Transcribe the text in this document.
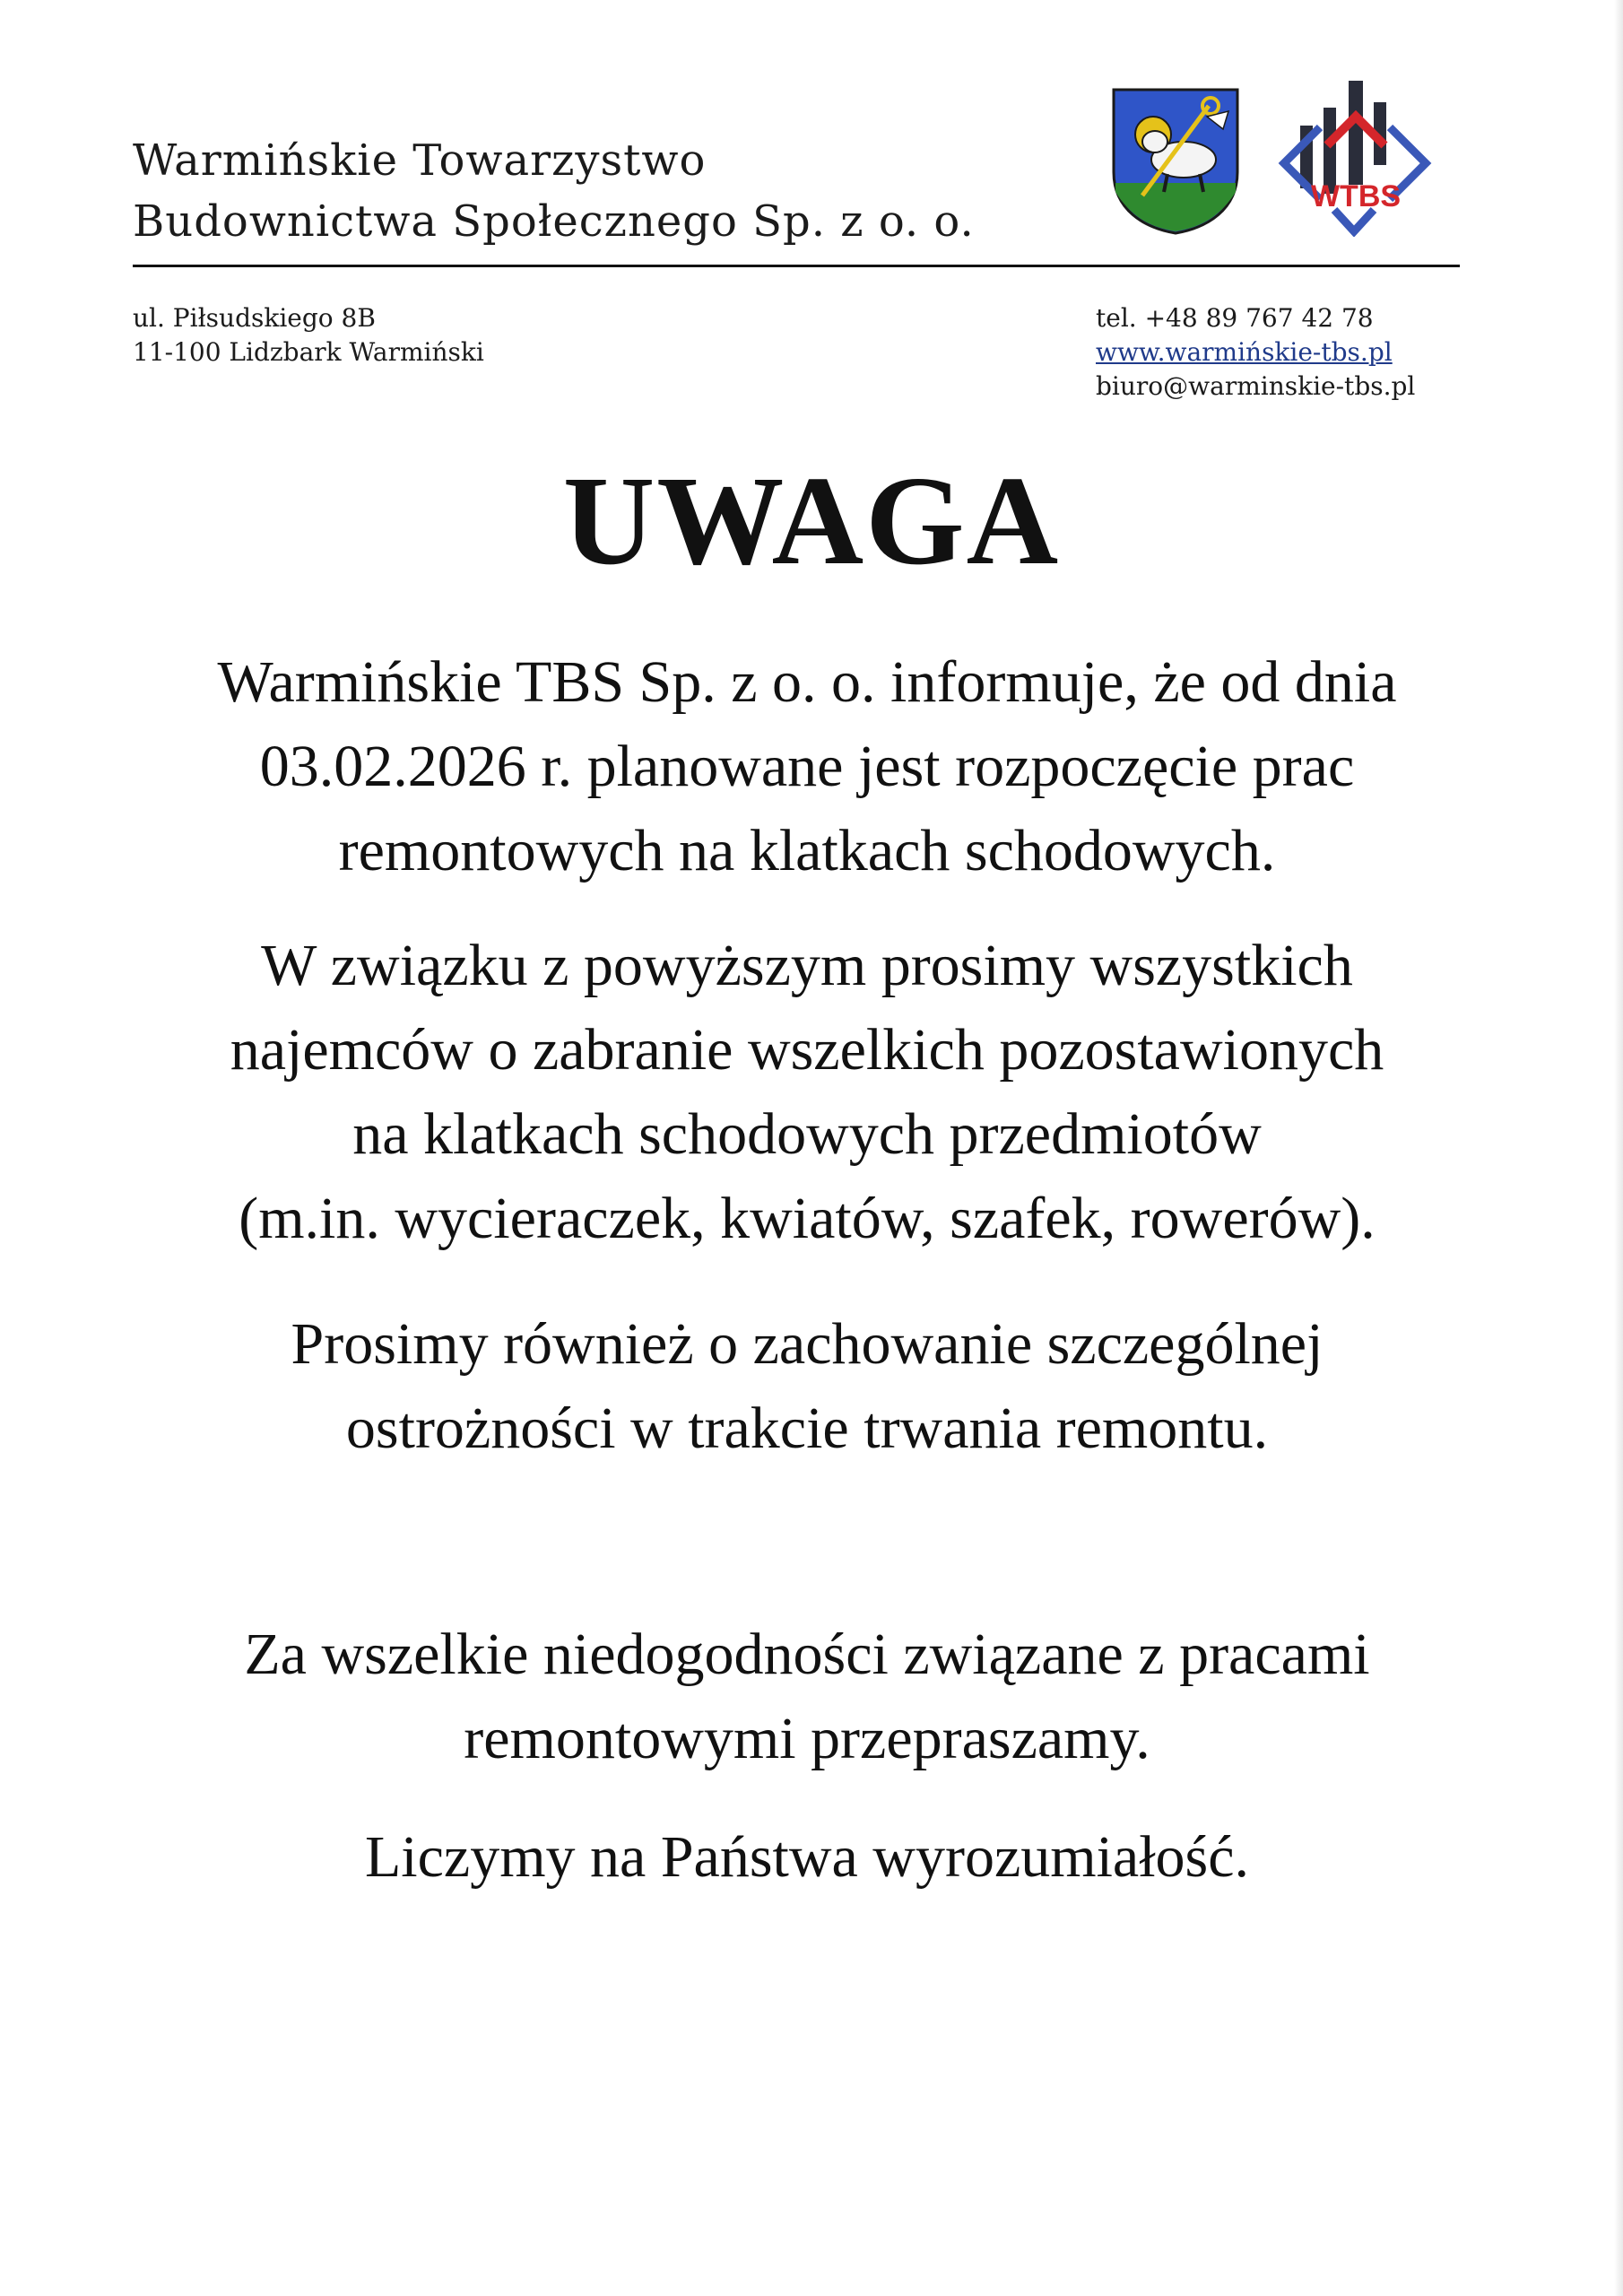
Warmińskie Towarzystwo
Budownictwa Społecznego Sp. z o. o.	WTBS
ul. Piłsudskiego 8B
11-100 Lidzbark Warmiński
tel. +48 89 767 42 78
www.warmińskie-tbs.pl
biuro@warminskie-tbs.pl
UWAGA
Warmińskie TBS Sp. z o. o. informuje, że od dnia
03.02.2026 r. planowane jest rozpoczęcie prac
remontowych na klatkach schodowych.
W związku z powyższym prosimy wszystkich
najemców o zabranie wszelkich pozostawionych
na klatkach schodowych przedmiotów
(m.in. wycieraczek, kwiatów, szafek, rowerów).
Prosimy również o zachowanie szczególnej
ostrożności w trakcie trwania remontu.
Za wszelkie niedogodności związane z pracami
remontowymi przepraszamy.
Liczymy na Państwa wyrozumiałość.
